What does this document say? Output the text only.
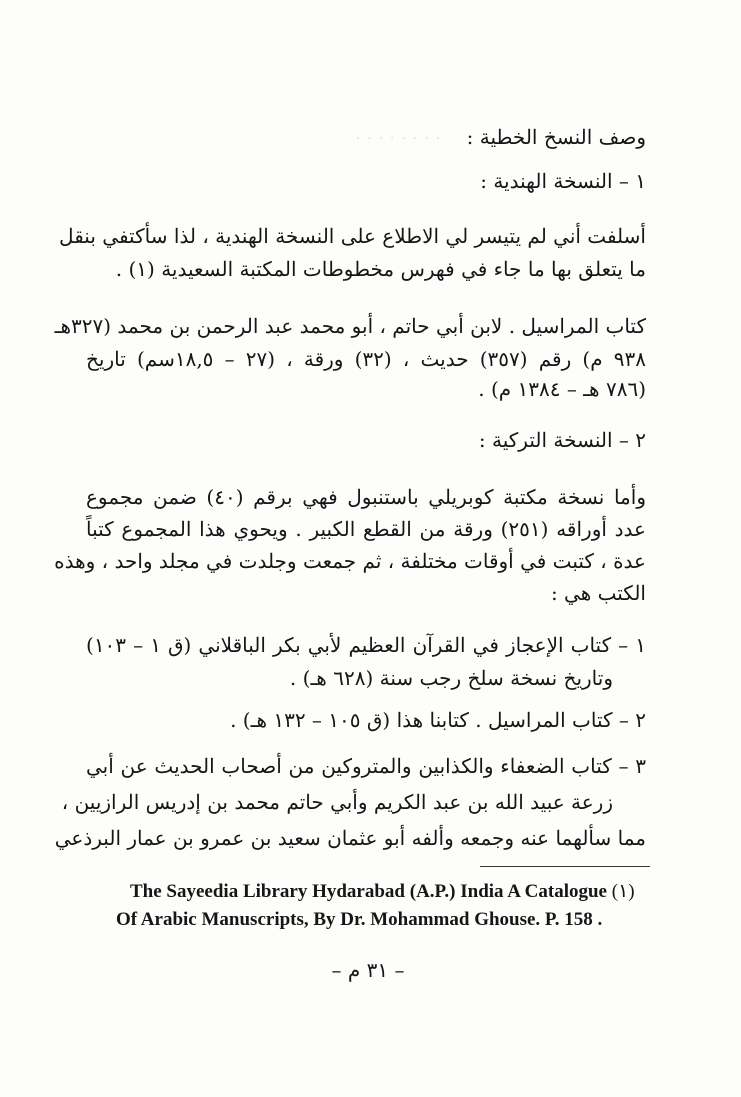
· · · · · · · · وصف النسخ الخطية :
١ – النسخة الهندية :
أسلفت أني لم يتيسر لي الاطلاع على النسخة الهندية ، لذا سأكتفي بنقل
ما يتعلق بها ما جاء في فهرس مخطوطات المكتبة السعيدية (١) .
كتاب المراسيل . لابن أبي حاتم ، أبو محمد عبد الرحمن بن محمد (٣٢٧هـ
٩٣٨ م) رقم (٣٥٧) حديث ، (٣٢) ورقة ، (٢٧ – ١٨,٥سم) تاريخ
(٧٨٦ هـ – ١٣٨٤ م) .
٢ – النسخة التركية :
وأما نسخة مكتبة كوبريلي باستنبول فهي برقم (٤٠) ضمن مجموع
عدد أوراقه (٢٥١) ورقة من القطع الكبير . ويحوي هذا المجموع كتباً
عدة ، كتبت في أوقات مختلفة ، ثم جمعت وجلدت في مجلد واحد ، وهذه
الكتب هي :
١ – كتاب الإعجاز في القرآن العظيم لأبي بكر الباقلاني (ق ١ – ١٠٣)
وتاريخ نسخة سلخ رجب سنة (٦٢٨ هـ) .
٢ – كتاب المراسيل . كتابنا هذا (ق ١٠٥ – ١٣٢ هـ) .
٣ – كتاب الضعفاء والكذابين والمتروكين من أصحاب الحديث عن أبي
زرعة عبيد الله بن عبد الكريم وأبي حاتم محمد بن إدريس الرازيين ،
مما سألهما عنه وجمعه وألفه أبو عثمان سعيد بن عمرو بن عمار البرذعي
The Sayeedia Library Hydarabad (A.P.) India A Catalogue (١)
Of Arabic Manuscripts, By Dr. Mohammad Ghouse. P. 158 .
– ٣١ م –
